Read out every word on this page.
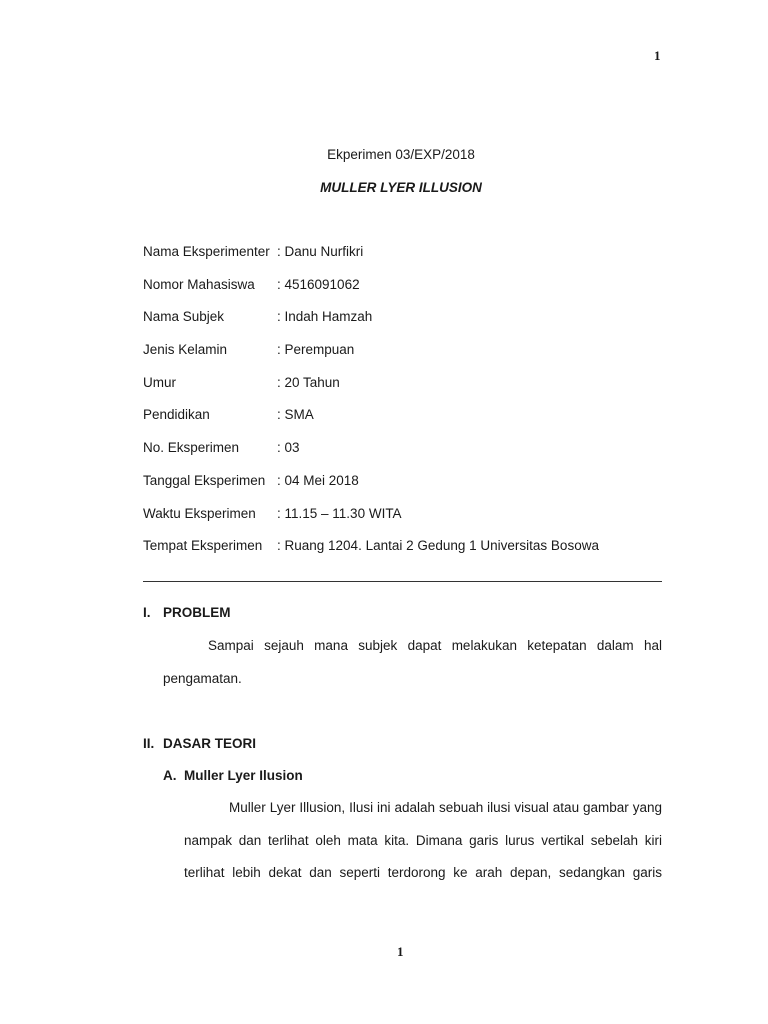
1
Ekperimen 03/EXP/2018
MULLER LYER ILLUSION
Nama Eksperimenter : Danu Nurfikri
Nomor Mahasiswa	: 4516091062
Nama Subjek	: Indah Hamzah
Jenis Kelamin	: Perempuan
Umur	: 20 Tahun
Pendidikan	: SMA
No. Eksperimen	: 03
Tanggal Eksperimen : 04 Mei 2018
Waktu Eksperimen	: 11.15 – 11.30 WITA
Tempat Eksperimen	: Ruang 1204. Lantai 2 Gedung 1 Universitas Bosowa
I. PROBLEM
Sampai sejauh mana subjek dapat melakukan ketepatan dalam hal pengamatan.
II. DASAR TEORI
A. Muller Lyer Ilusion
Muller Lyer Illusion, Ilusi ini adalah sebuah ilusi visual atau gambar yang nampak dan terlihat oleh mata kita. Dimana garis lurus vertikal sebelah kiri terlihat lebih dekat dan seperti terdorong ke arah depan, sedangkan garis
1
